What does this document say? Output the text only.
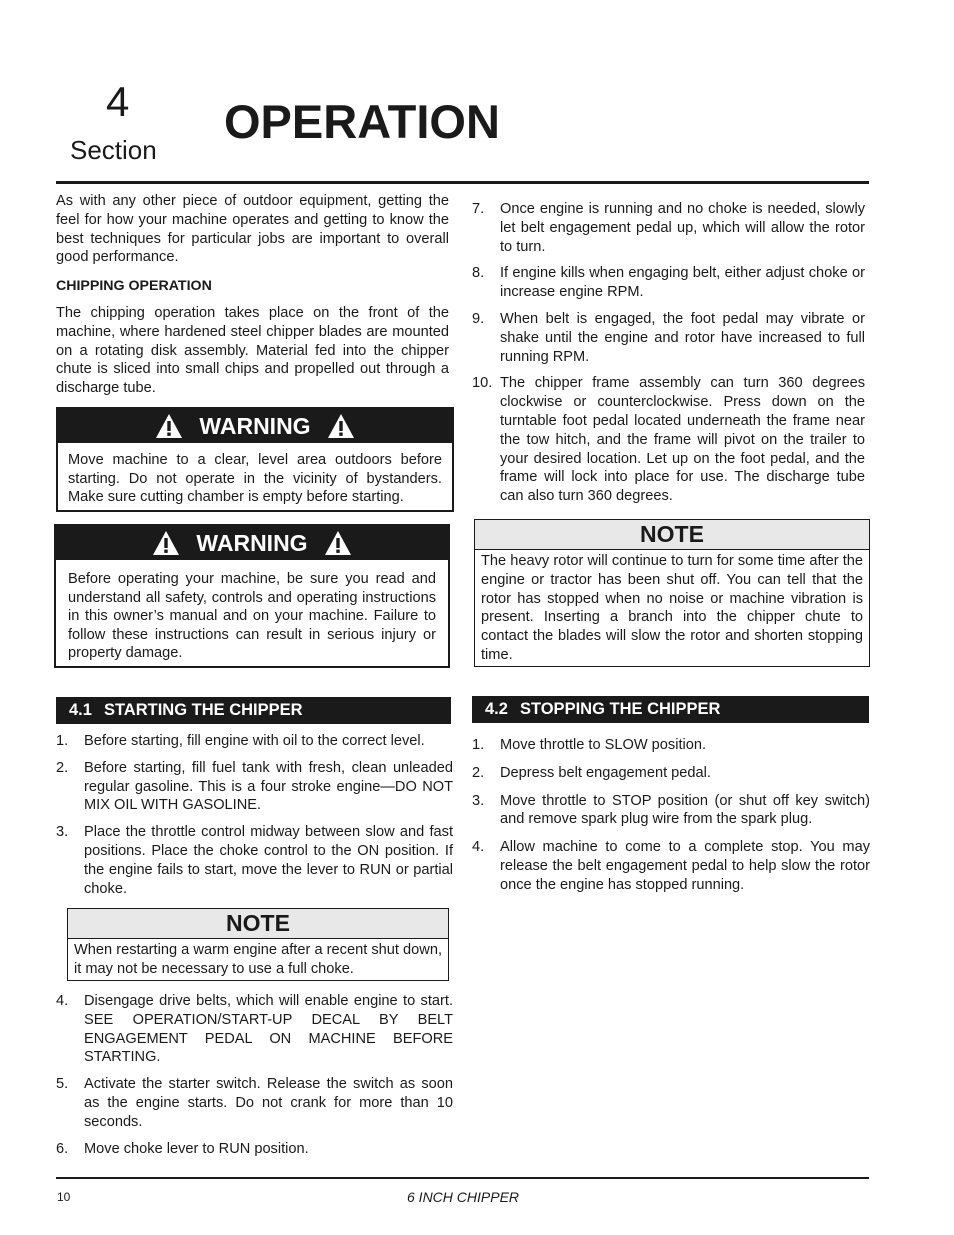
4
Section
OPERATION

As with any other piece of outdoor equipment, getting the feel for how your machine operates and getting to know the best techniques for particular jobs are important to overall good performance.

CHIPPING OPERATION

The chipping operation takes place on the front of the machine, where hardened steel chipper blades are mounted on a rotating disk assembly. Material fed into the chipper chute is sliced into small chips and propelled out through a discharge tube.

WARNING
Move machine to a clear, level area outdoors before starting. Do not operate in the vicinity of bystanders. Make sure cutting chamber is empty before starting.
WARNING
Before operating your machine, be sure you read and understand all safety, controls and operating instructions in this owner’s manual and on your machine. Failure to follow these instructions can result in serious injury or property damage.
4.1 STARTING THE CHIPPER
1. Before starting, fill engine with oil to the correct level.
2. Before starting, fill fuel tank with fresh, clean unleaded regular gasoline. This is a four stroke engine—DO NOT MIX OIL WITH GASOLINE.
3. Place the throttle control midway between slow and fast positions. Place the choke control to the ON position. If the engine fails to start, move the lever to RUN or partial choke.
NOTE
When restarting a warm engine after a recent shut down, it may not be necessary to use a full choke.
4. Disengage drive belts, which will enable engine to start. SEE OPERATION/START-UP DECAL BY BELT ENGAGEMENT PEDAL ON MACHINE BEFORE STARTING.
5. Activate the starter switch. Release the switch as soon as the engine starts. Do not crank for more than 10 seconds.
6. Move choke lever to RUN position.
7. Once engine is running and no choke is needed, slowly let belt engagement pedal up, which will allow the rotor to turn.
8. If engine kills when engaging belt, either adjust choke or increase engine RPM.
9. When belt is engaged, the foot pedal may vibrate or shake until the engine and rotor have increased to full running RPM.
10. The chipper frame assembly can turn 360 degrees clockwise or counterclockwise. Press down on the turntable foot pedal located underneath the frame near the tow hitch, and the frame will pivot on the trailer to your desired location. Let up on the foot pedal, and the frame will lock into place for use. The discharge tube can also turn 360 degrees.
NOTE
The heavy rotor will continue to turn for some time after the engine or tractor has been shut off. You can tell that the rotor has stopped when no noise or machine vibration is present. Inserting a branch into the chipper chute to contact the blades will slow the rotor and shorten stopping time.
4.2 STOPPING THE CHIPPER
1. Move throttle to SLOW position.
2. Depress belt engagement pedal.
3. Move throttle to STOP position (or shut off key switch) and remove spark plug wire from the spark plug.
4. Allow machine to come to a complete stop. You may release the belt engagement pedal to help slow the rotor once the engine has stopped running.
10	6 INCH CHIPPER
